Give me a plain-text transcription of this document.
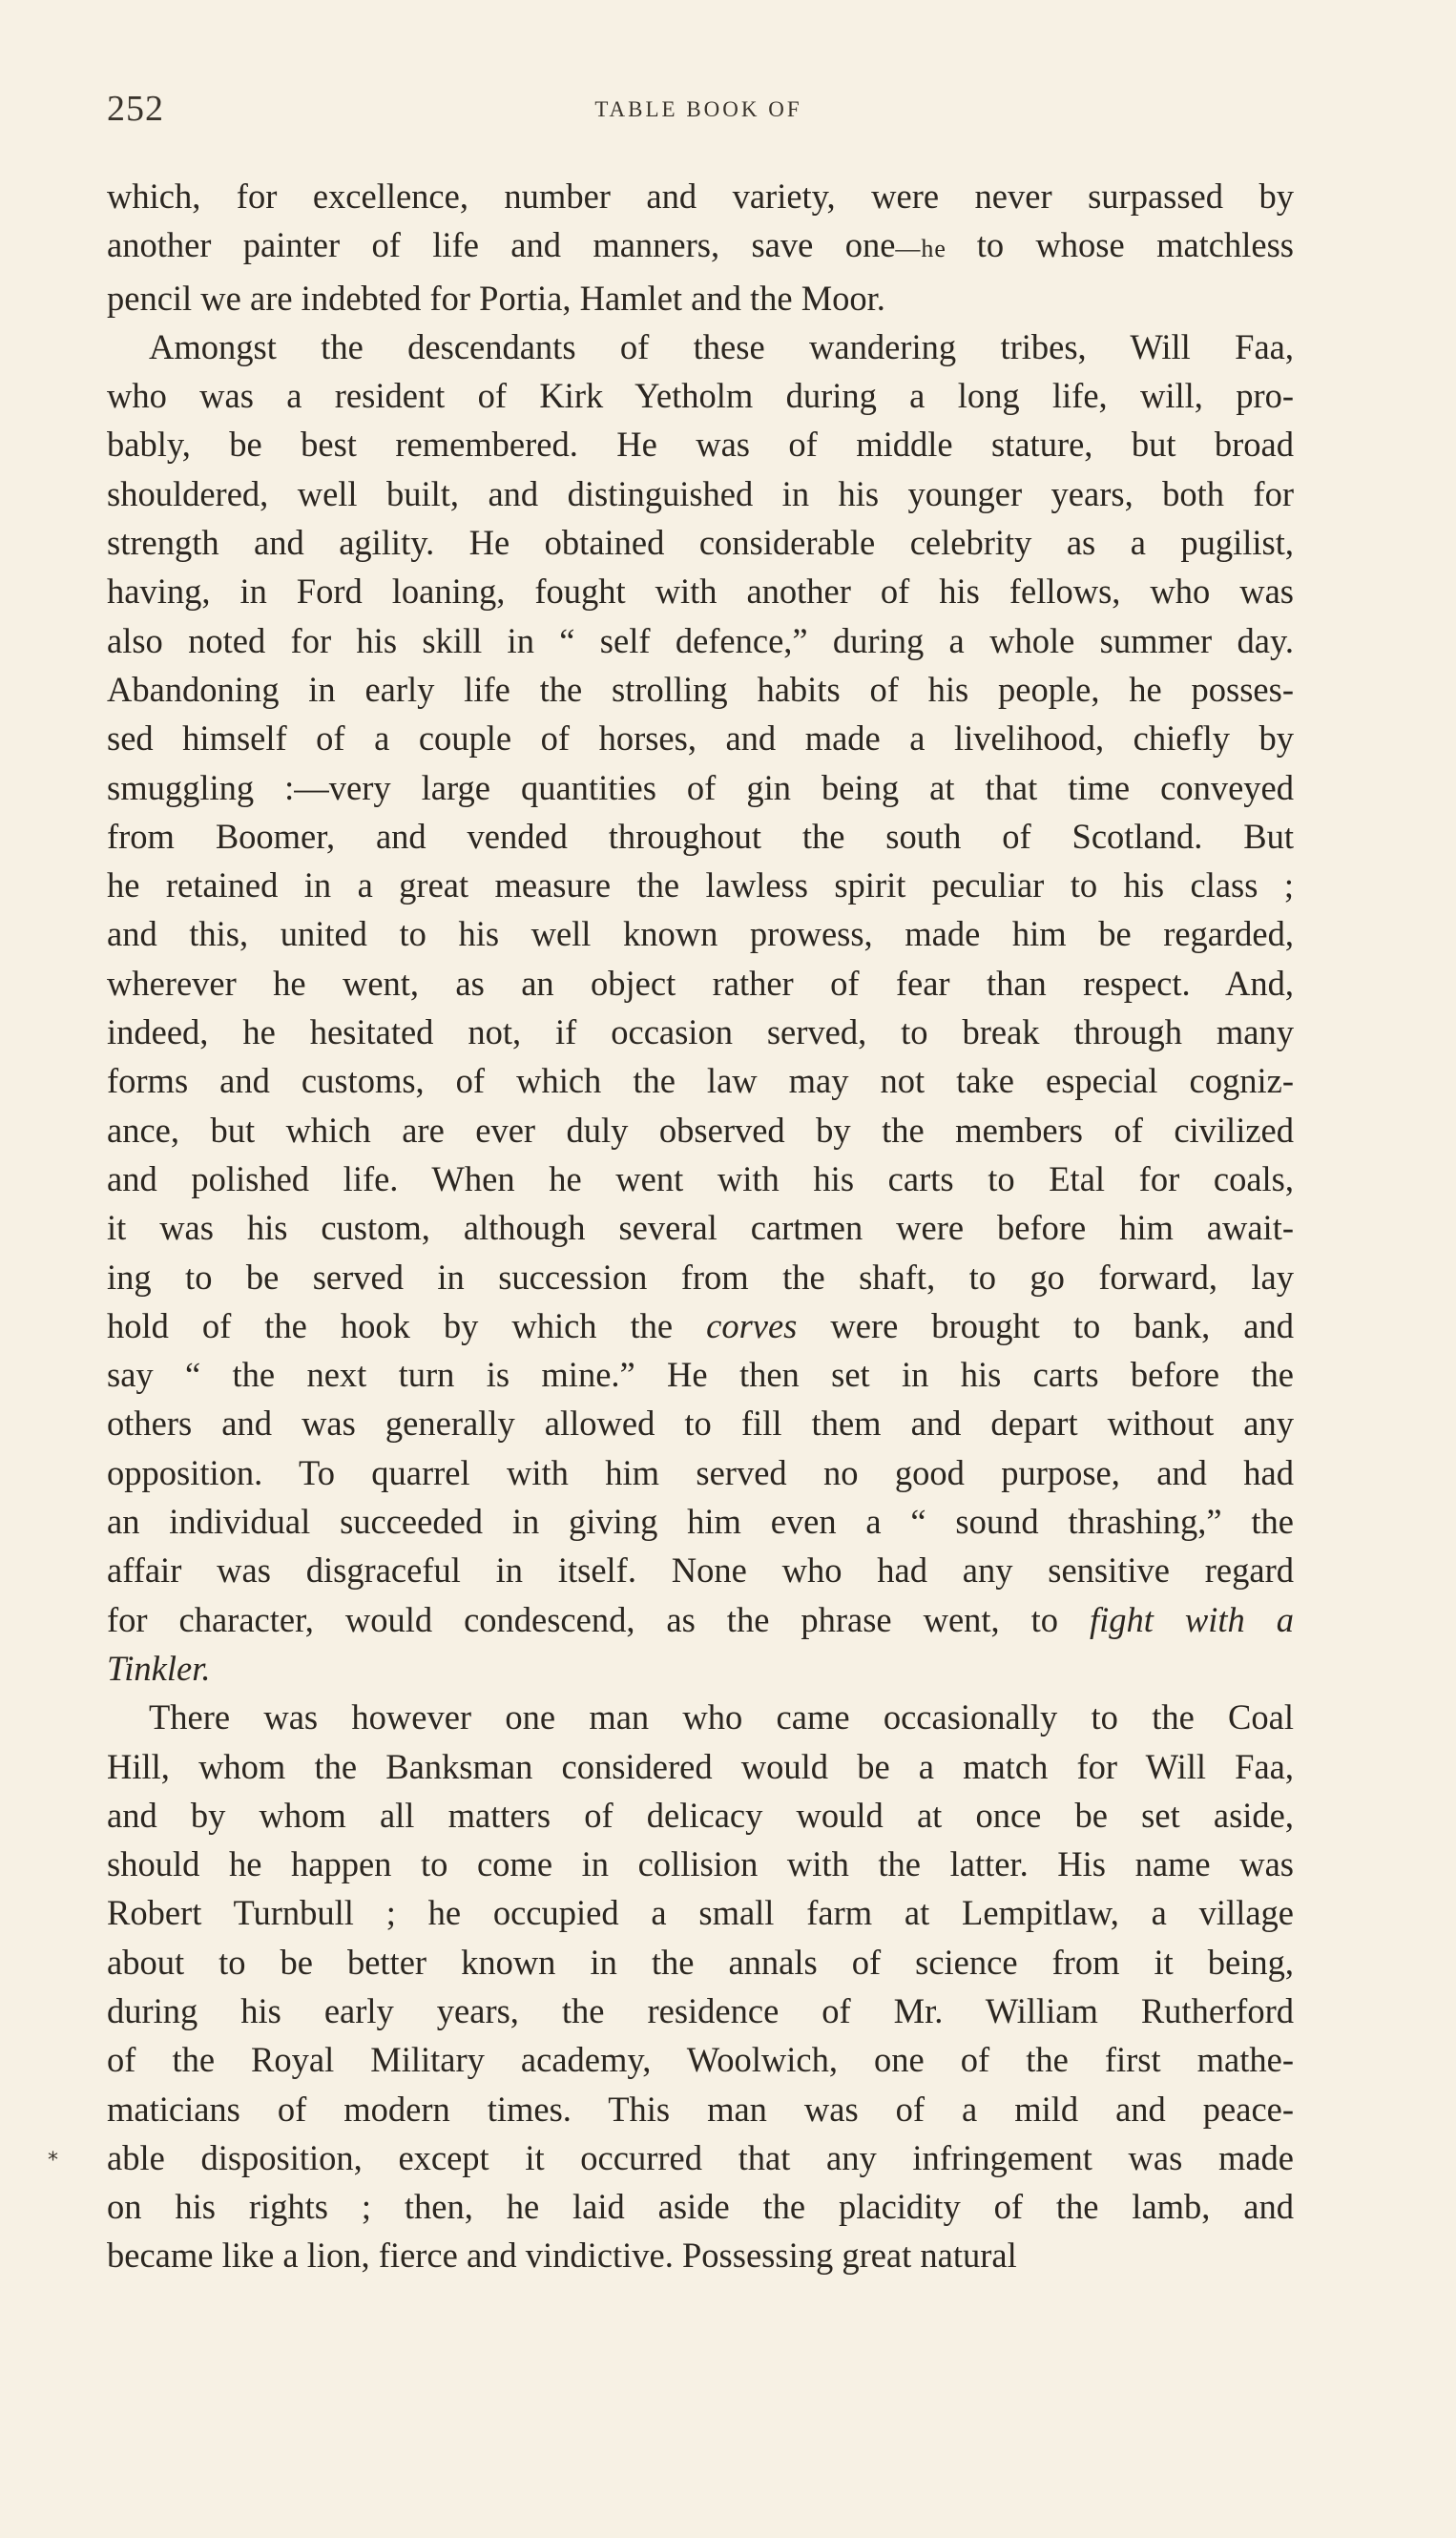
252	TABLE BOOK OF
which, for excellence, number and variety, were never surpassed by
another painter of life and manners, save one—he to whose matchless
pencil we are indebted for Portia, Hamlet and the Moor.
Amongst the descendants of these wandering tribes, Will Faa,
who was a resident of Kirk Yetholm during a long life, will, pro-
bably, be best remembered. He was of middle stature, but broad
shouldered, well built, and distinguished in his younger years, both for
strength and agility. He obtained considerable celebrity as a pugilist,
having, in Ford loaning, fought with another of his fellows, who was
also noted for his skill in “ self defence,” during a whole summer day.
Abandoning in early life the strolling habits of his people, he posses-
sed himself of a couple of horses, and made a livelihood, chiefly by
smuggling :—very large quantities of gin being at that time conveyed
from Boomer, and vended throughout the south of Scotland. But
he retained in a great measure the lawless spirit peculiar to his class ;
and this, united to his well known prowess, made him be regarded,
wherever he went, as an object rather of fear than respect. And,
indeed, he hesitated not, if occasion served, to break through many
forms and customs, of which the law may not take especial cogniz-
ance, but which are ever duly observed by the members of civilized
and polished life. When he went with his carts to Etal for coals,
it was his custom, although several cartmen were before him await-
ing to be served in succession from the shaft, to go forward, lay
hold of the hook by which the corves were brought to bank, and
say “ the next turn is mine.” He then set in his carts before the
others and was generally allowed to fill them and depart without any
opposition. To quarrel with him served no good purpose, and had
an individual succeeded in giving him even a “ sound thrashing,” the
affair was disgraceful in itself. None who had any sensitive regard
for character, would condescend, as the phrase went, to fight with a
Tinkler.
There was however one man who came occasionally to the Coal
Hill, whom the Banksman considered would be a match for Will Faa,
and by whom all matters of delicacy would at once be set aside,
should he happen to come in collision with the latter. His name was
Robert Turnbull ; he occupied a small farm at Lempitlaw, a village
about to be better known in the annals of science from it being,
during his early years, the residence of Mr. William Rutherford
of the Royal Military academy, Woolwich, one of the first mathe-
maticians of modern times. This man was of a mild and peace-
able disposition, except it occurred that any infringement was made
on his rights ; then, he laid aside the placidity of the lamb, and
became like a lion, fierce and vindictive. Possessing great natural
*
